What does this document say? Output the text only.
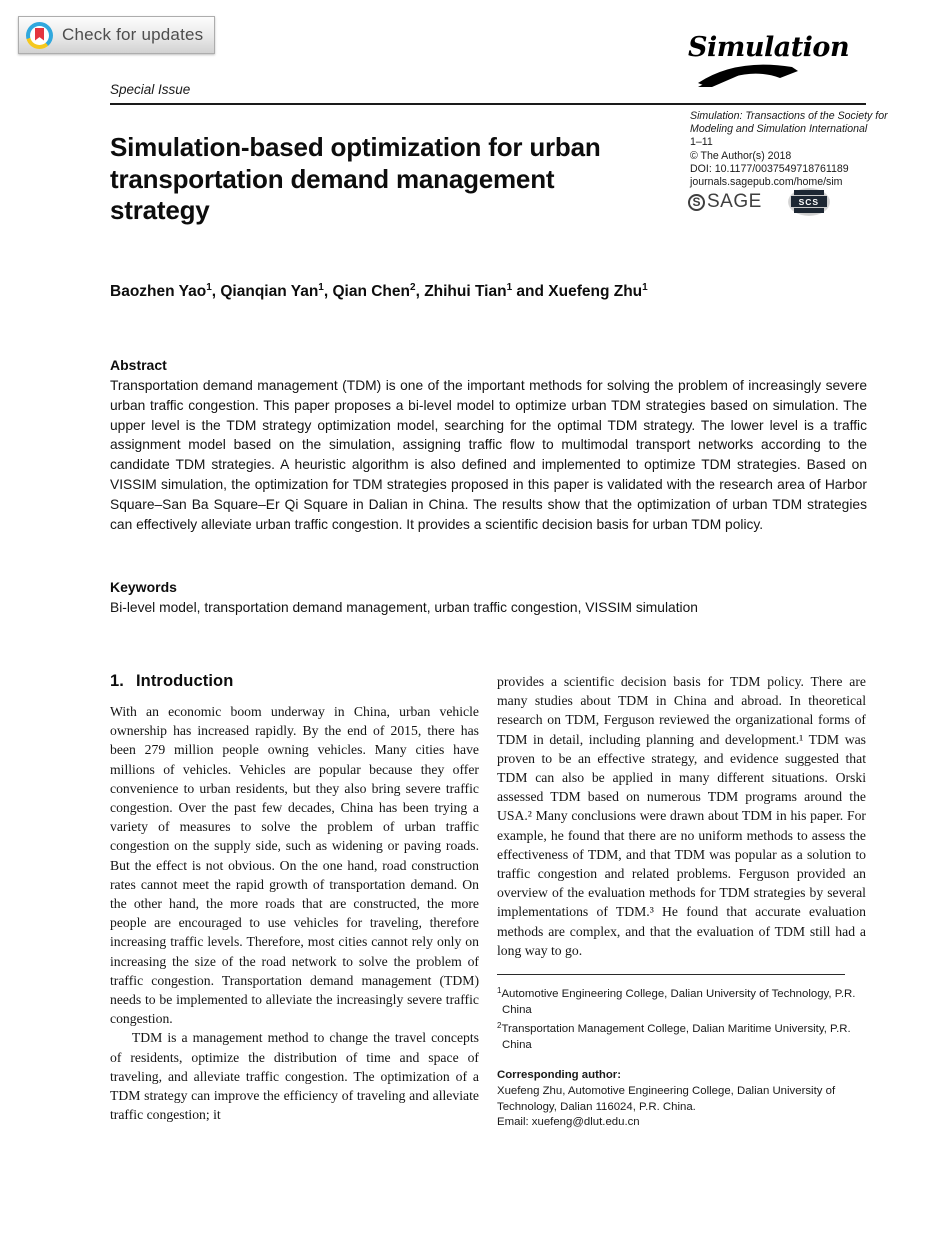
Check for updates	Simulation
Special Issue
Simulation: Transactions of the Society for
Modeling and Simulation International
1–11
© The Author(s) 2018
DOI: 10.1177/0037549718761189
journals.sagepub.com/home/sim
S SAGE	SCS
Simulation-based optimization for urban transportation demand management strategy
Baozhen Yao$^1$, Qianqian Yan$^1$, Qian Chen$^2$, Zhihui Tian$^1$ and Xuefeng Zhu$^1$
Abstract
Transportation demand management (TDM) is one of the important methods for solving the problem of increasingly severe urban traffic congestion. This paper proposes a bi-level model to optimize urban TDM strategies based on simulation. The upper level is the TDM strategy optimization model, searching for the optimal TDM strategy. The lower level is a traffic assignment model based on the simulation, assigning traffic flow to multimodal transport networks according to the candidate TDM strategies. A heuristic algorithm is also defined and implemented to optimize TDM strategies. Based on VISSIM simulation, the optimization for TDM strategies proposed in this paper is validated with the research area of Harbor Square–San Ba Square–Er Qi Square in Dalian in China. The results show that the optimization of urban TDM strategies can effectively alleviate urban traffic congestion. It provides a scientific decision basis for urban TDM policy.
Keywords
Bi-level model, transportation demand management, urban traffic congestion, VISSIM simulation
1. Introduction

With an economic boom underway in China, urban vehicle ownership has increased rapidly. By the end of 2015, there has been 279 million people owning vehicles. Many cities have millions of vehicles. Vehicles are popular because they offer convenience to urban residents, but they also bring severe traffic congestion. Over the past few decades, China has been trying a variety of measures to solve the problem of urban traffic congestion on the supply side, such as widening or paving roads. But the effect is not obvious. On the one hand, road construction rates cannot meet the rapid growth of transportation demand. On the other hand, the more roads that are constructed, the more people are encouraged to use vehicles for traveling, therefore increasing traffic levels. Therefore, most cities cannot rely only on increasing the size of the road network to solve the problem of traffic congestion. Transportation demand management (TDM) needs to be implemented to alleviate the increasingly severe traffic congestion.

TDM is a management method to change the travel concepts of residents, optimize the distribution of time and space of traveling, and alleviate traffic congestion. The optimization of a TDM strategy can improve the efficiency of traveling and alleviate traffic congestion; it

provides a scientific decision basis for TDM policy. There are many studies about TDM in China and abroad. In theoretical research on TDM, Ferguson reviewed the organizational forms of TDM in detail, including planning and development.¹ TDM was proven to be an effective strategy, and evidence suggested that TDM can also be applied in many different situations. Orski assessed TDM based on numerous TDM programs around the USA.² Many conclusions were drawn about TDM in his paper. For example, he found that there are no uniform methods to assess the effectiveness of TDM, and that TDM was popular as a solution to traffic congestion and related problems. Ferguson provided an overview of the evaluation methods for TDM strategies by several implementations of TDM.³ He found that accurate evaluation methods are complex, and that the evaluation of TDM still had a long way to go.

$^1$Automotive Engineering College, Dalian University of Technology, P.R. China
$^2$Transportation Management College, Dalian Maritime University, P.R. China
Corresponding author:
Xuefeng Zhu, Automotive Engineering College, Dalian University of Technology, Dalian 116024, P.R. China.
Email: xuefeng@dlut.edu.cn
